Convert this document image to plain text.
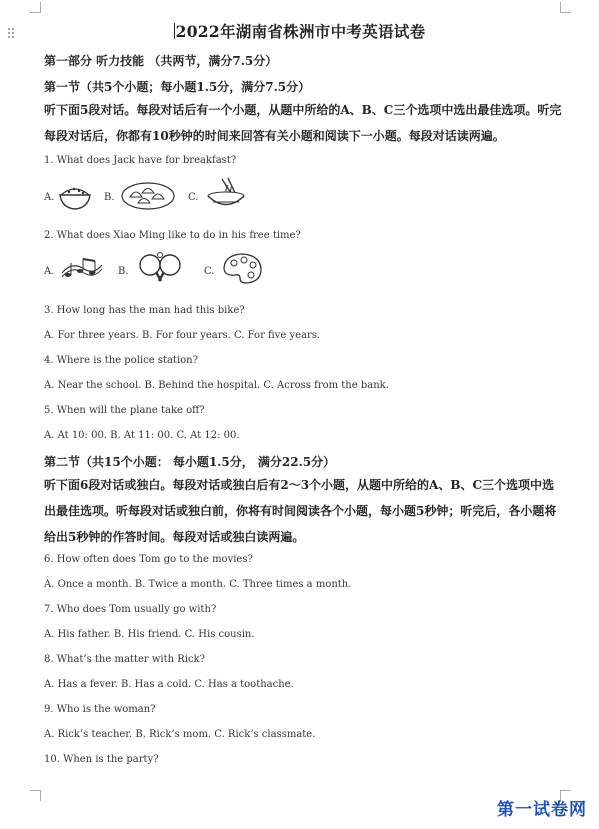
2022年湖南省株洲市中考英语试卷
第一部分 听力技能 （共两节，满分7.5分）
第一节（共5个小题；每小题1.5分，满分7.5分）
听下面5段对话。每段对话后有一个小题，从题中所给的A、B、C三个选项中选出最佳选项。听完每段对话后，你都有10秒钟的时间来回答有关小题和阅读下一小题。每段对话读两遍。
1. What does Jack have for breakfast?
A.	B.	C.
2. What does Xiao Ming like to do in his free time?
A.	B.	C.
3. How long has the man had this bike?
A. For three years. B. For four years. C. For five years.
4. Where is the police station?
A. Near the school. B. Behind the hospital. C. Across from the bank.
5. When will the plane take off?
A. At 10: 00. B. At 11: 00. C. At 12: 00.
第二节（共15个小题： 每小题1.5分， 满分22.5分）
听下面6段对话或独白。每段对话或独白后有2～3个小题，从题中所给的A、B、C三个选项中选出最佳选项。听每段对话或独白前，你将有时间阅读各个小题，每小题5秒钟；听完后，各小题将给出5秒钟的作答时间。每段对话或独白读两遍。
6. How often does Tom go to the movies?
A. Once a month. B. Twice a month. C. Three times a month.
7. Who does Tom usually go with?
A. His father. B. His friend. C. His cousin.
8. What’s the matter with Rick?
A. Has a fever. B. Has a cold. C. Has a toothache.
9. Who is the woman?
A. Rick’s teacher. B. Rick’s mom. C. Rick’s classmate.
10. When is the party?
第一试卷网
